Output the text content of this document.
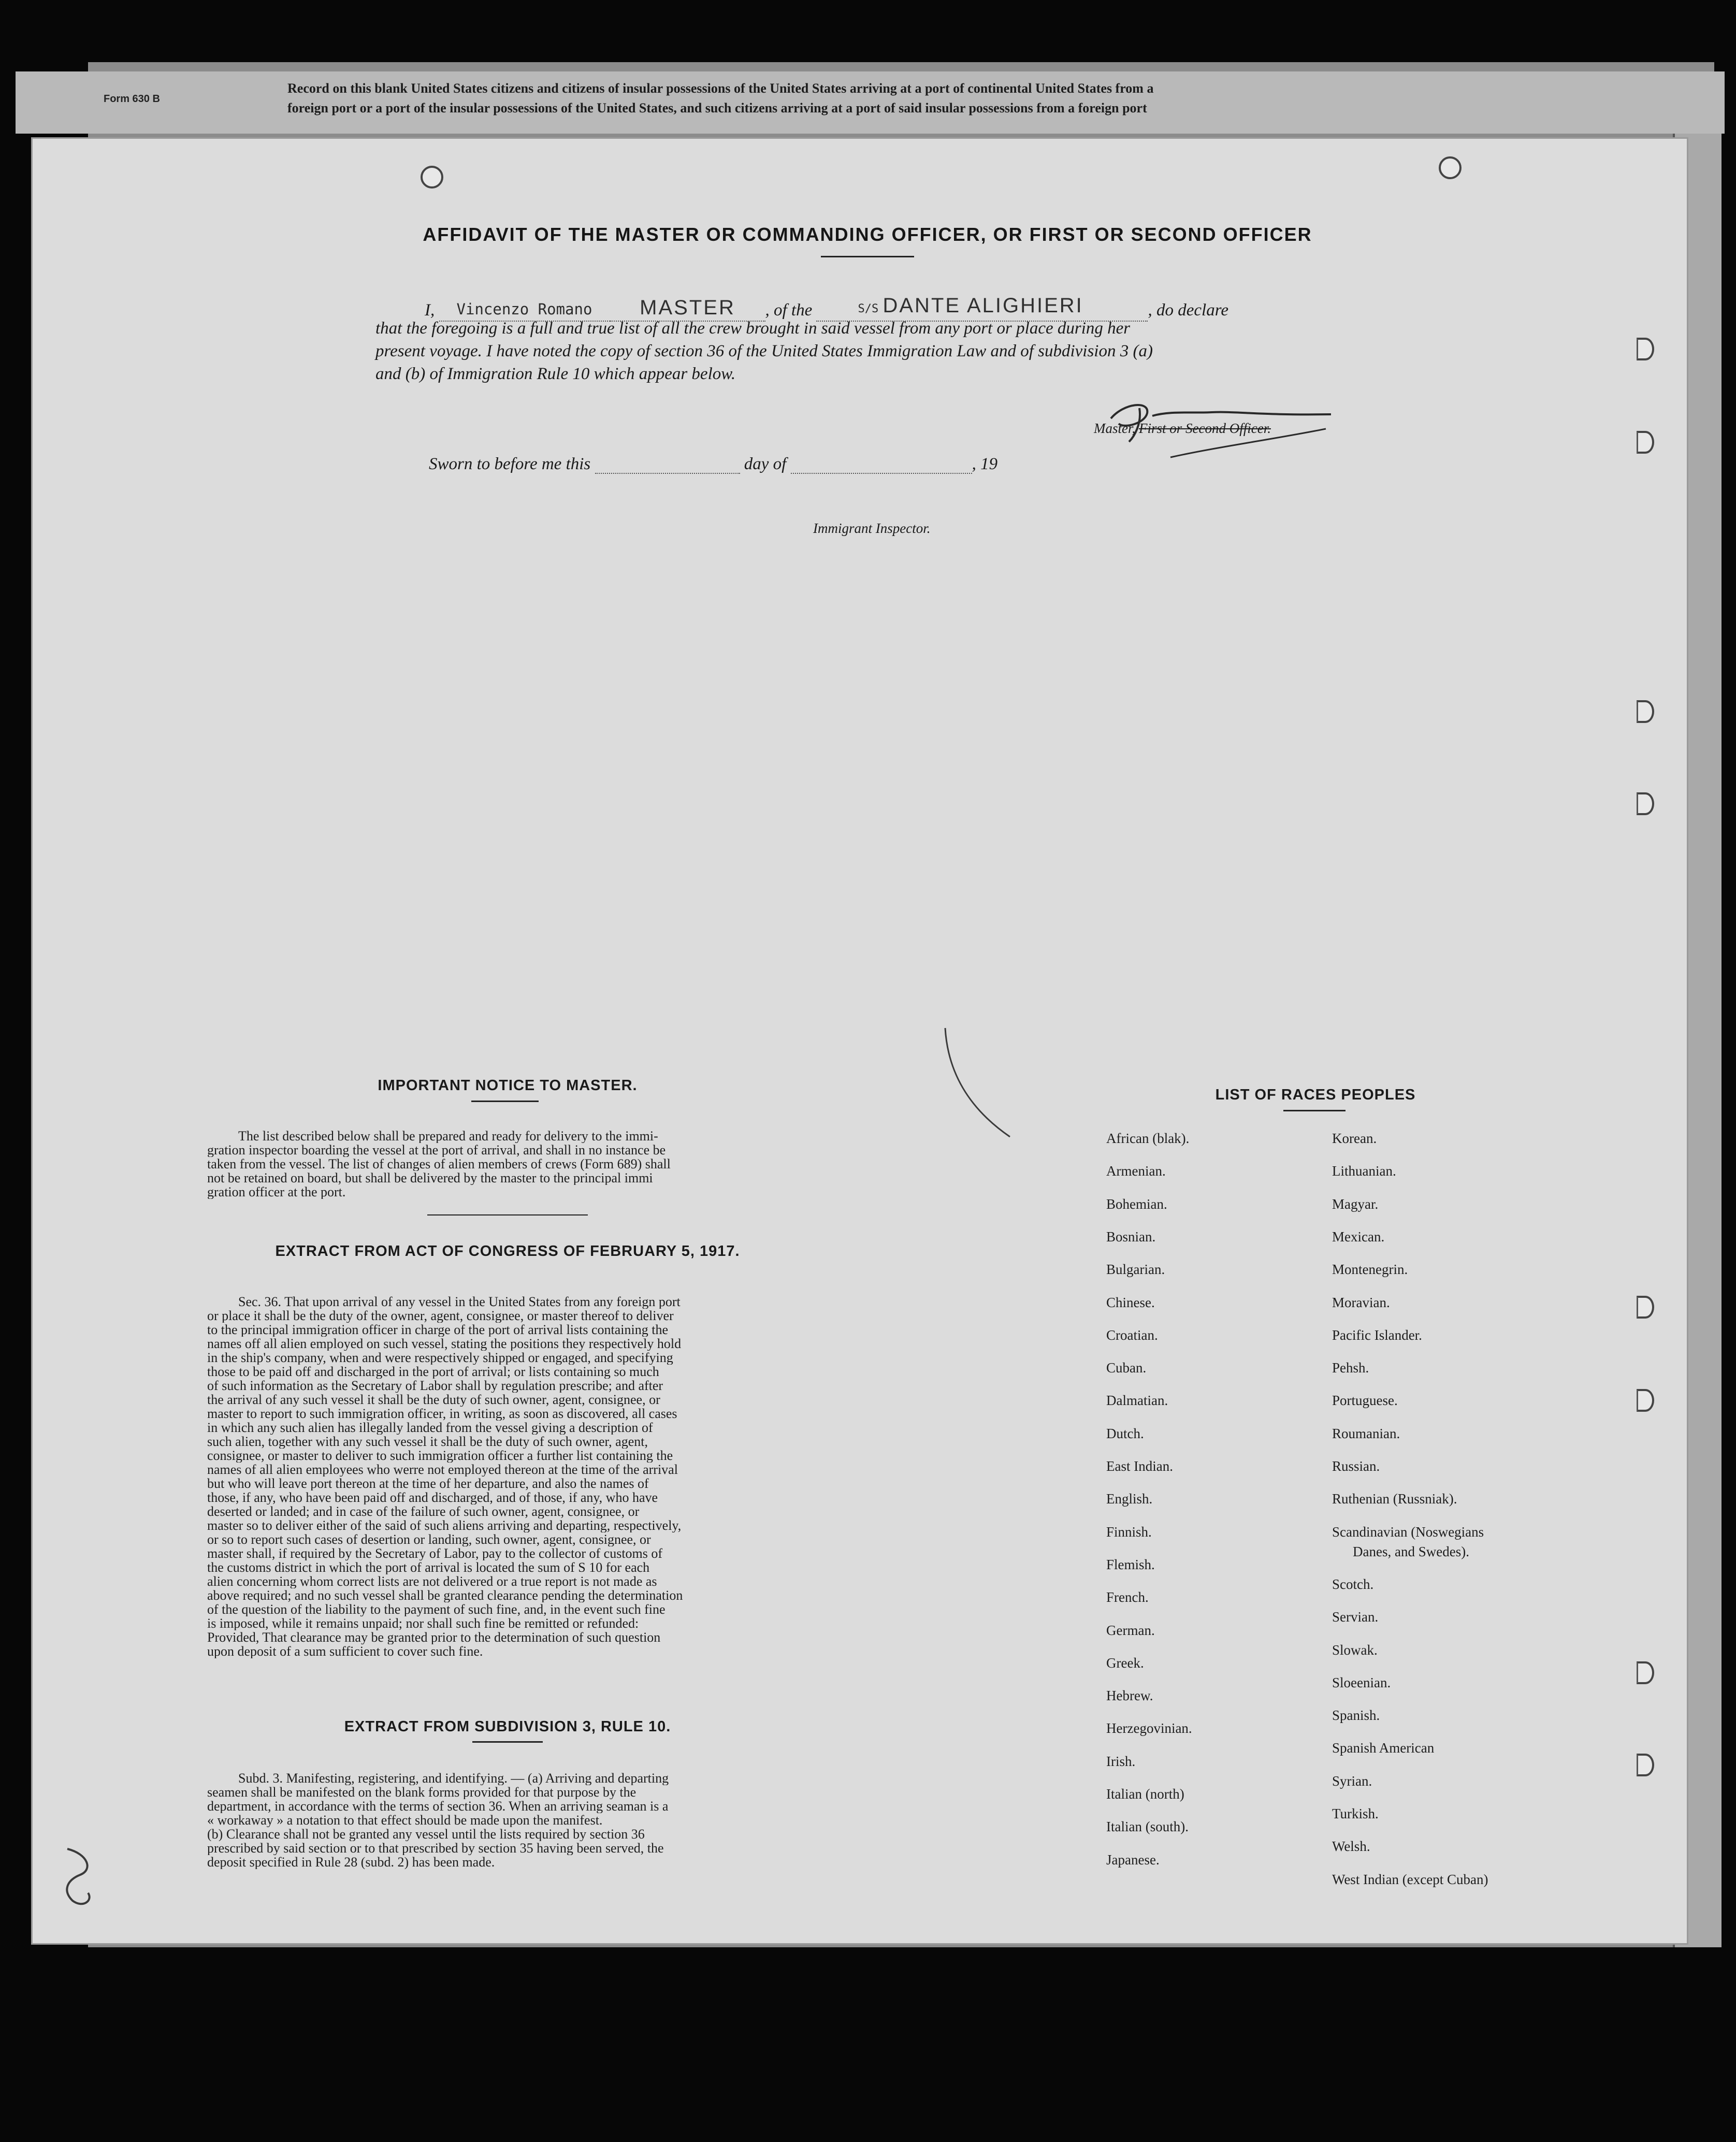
Form 630 B
Record on this blank United States citizens and citizens of insular possessions of the United States arriving at a port of continental United States from a
foreign port or a port of the insular possessions of the United States, and such citizens arriving at a port of said insular possessions from a foreign port
AFFIDAVIT OF THE MASTER OR COMMANDING OFFICER, OR FIRST OR SECOND OFFICER
I, Vincenzo Romano MASTER , of the	S/S DANTE ALIGHIERI	, do declare
that the foregoing is a full and true list of all the crew brought in said vessel from any port or place during her
present voyage. I have noted the copy of section 36 of the United States Immigration Law and of subdivision 3 (a)
and (b) of Immigration Rule 10 which appear below.
Master, First or Second Officer.
Sworn to before me this	day of	, 19
Immigrant Inspector.
IMPORTANT NOTICE TO MASTER.
The list described below shall be prepared and ready for delivery to the immi-
gration inspector boarding the vessel at the port of arrival, and shall in no instance be
taken from the vessel. The list of changes of alien members of crews (Form 689) shall
not be retained on board, but shall be delivered by the master to the principal immi
gration officer at the port.
EXTRACT FROM ACT OF CONGRESS OF FEBRUARY 5, 1917.
Sec. 36. That upon arrival of any vessel in the United States from any foreign port
or place it shall be the duty of the owner, agent, consignee, or master thereof to deliver
to the principal immigration officer in charge of the port of arrival lists containing the
names off all alien employed on such vessel, stating the positions they respectively hold
in the ship's company, when and were respectively shipped or engaged, and specifying
those to be paid off and discharged in the port of arrival; or lists containing so much
of such information as the Secretary of Labor shall by regulation prescribe; and after
the arrival of any such vessel it shall be the duty of such owner, agent, consignee, or
master to report to such immigration officer, in writing, as soon as discovered, all cases
in which any such alien has illegally landed from the vessel giving a description of
such alien, together with any such vessel it shall be the duty of such owner, agent,
consignee, or master to deliver to such immigration officer a further list containing the
names of all alien employees who werre not employed thereon at the time of the arrival
but who will leave port thereon at the time of her departure, and also the names of
those, if any, who have been paid off and discharged, and of those, if any, who have
deserted or landed; and in case of the failure of such owner, agent, consignee, or
master so to deliver either of the said of such aliens arriving and departing, respectively,
or so to report such cases of desertion or landing, such owner, agent, consignee, or
master shall, if required by the Secretary of Labor, pay to the collector of customs of
the customs district in which the port of arrival is located the sum of S 10 for each
alien concerning whom correct lists are not delivered or a true report is not made as
above required; and no such vessel shall be granted clearance pending the determination
of the question of the liability to the payment of such fine, and, in the event such fine
is imposed, while it remains unpaid; nor shall such fine be remitted or refunded:
Provided, That clearance may be granted prior to the determination of such question
upon deposit of a sum sufficient to cover such fine.
EXTRACT FROM SUBDIVISION 3, RULE 10.
Subd. 3. Manifesting, registering, and identifying. — (a) Arriving and departing
seamen shall be manifested on the blank forms provided for that purpose by the
department, in accordance with the terms of section 36. When an arriving seaman is a
« workaway » a notation to that effect should be made upon the manifest.
(b) Clearance shall not be granted any vessel until the lists required by section 36
prescribed by said section or to that prescribed by section 35 having been served, the
deposit specified in Rule 28 (subd. 2) has been made.
LIST OF RACES PEOPLES
African (blak).
Armenian.
Bohemian.
Bosnian.
Bulgarian.
Chinese.
Croatian.
Cuban.
Dalmatian.
Dutch.
East Indian.
English.
Finnish.
Flemish.
French.
German.
Greek.
Hebrew.
Herzegovinian.
Irish.
Italian (north)
Italian (south).
Japanese.
Korean.
Lithuanian.
Magyar.
Mexican.
Montenegrin.
Moravian.
Pacific Islander.
Pehsh.
Portuguese.
Roumanian.
Russian.
Ruthenian (Russniak).
Scandinavian (Noswegians
Danes, and Swedes).
Scotch.
Servian.
Slowak.
Sloeenian.
Spanish.
Spanish American
Syrian.
Turkish.
Welsh.
West Indian (except Cuban)
